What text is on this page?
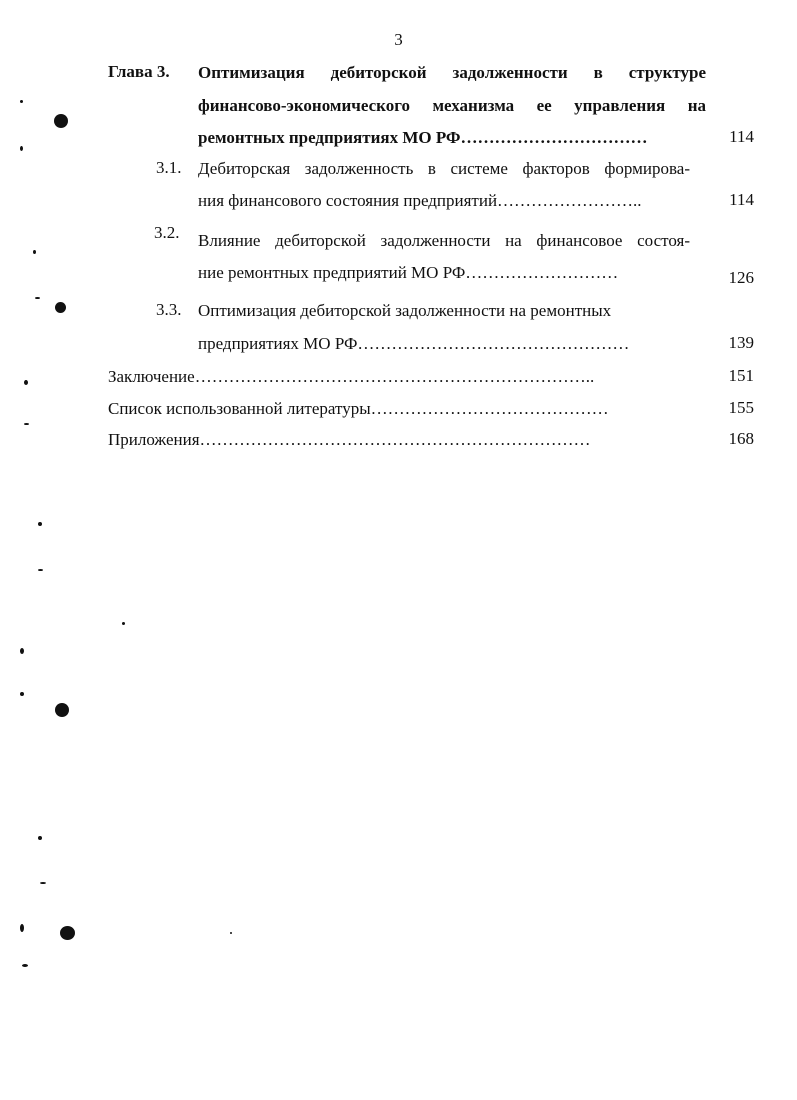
3
Глава 3. Оптимизация дебиторской задолженности в структуре
финансово-экономического механизма ее управления на
ремонтных предприятиях МО РФ……………………………	114
3.1. Дебиторская задолженность в системе факторов формирова-
ния финансового состояния предприятий……………………..	114
3.2. Влияние дебиторской задолженности на финансовое состоя-
ние ремонтных предприятий МО РФ………………………	126
3.3. Оптимизация дебиторской задолженности на ремонтных
предприятиях МО РФ…………………………………………	139
Заключение……………………………………………………………..	151
Список использованной литературы……………………………………	155
Приложения……………………………………………………………	168
